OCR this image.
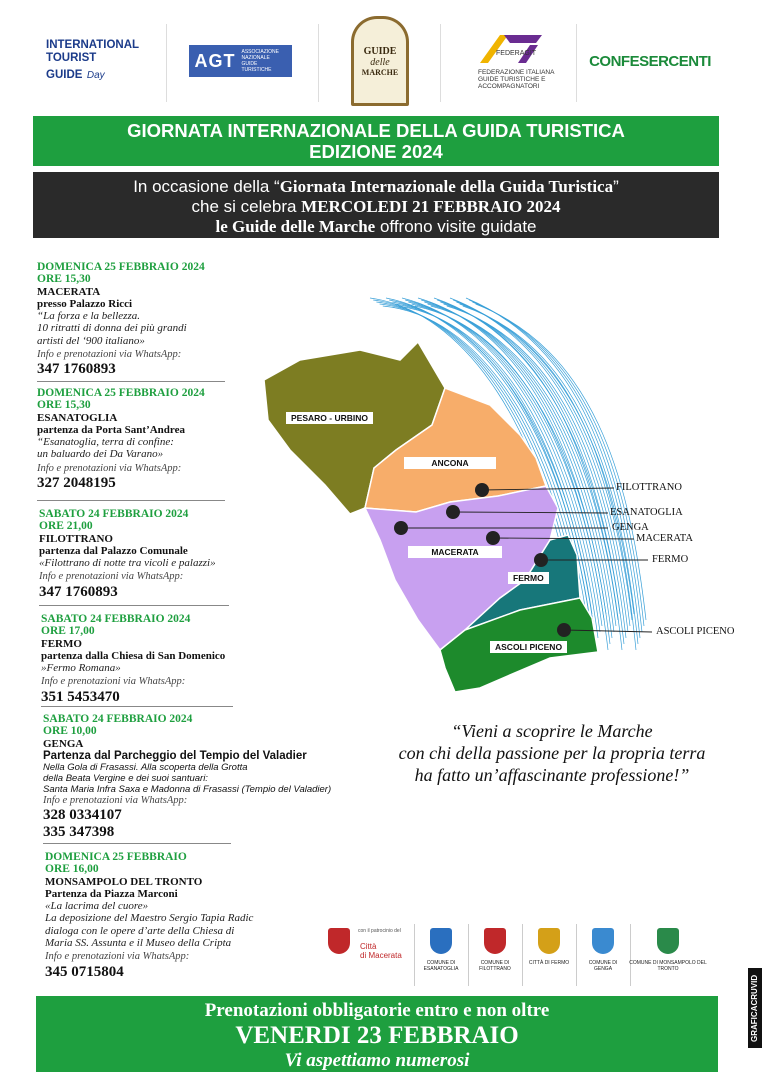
INTERNATIONAL
TOURIST
GUIDE Day
AGT ASSOCIAZIONE NAZIONALE GUIDE TURISTICHE
GUIDE
delle
MARCHE
FEDERAGIT
FEDERAZIONE ITALIANA GUIDE TURISTICHE E ACCOMPAGNATORI
CONFESERCENTI
GIORNATA INTERNAZIONALE DELLA GUIDA TURISTICA
EDIZIONE 2024
In occasione della “Giornata Internazionale della Guida Turistica”
che si celebra MERCOLEDI 21 FEBBRAIO 2024
le Guide delle Marche offrono visite guidate
DOMENICA 25 FEBBRAIO 2024
ORE 15,30
MACERATA
presso Palazzo Ricci
“La forza e la bellezza.
10 ritratti di donna dei più grandi
artisti del ‘900 italiano»
Info e prenotazioni via WhatsApp:
347 1760893
DOMENICA 25 FEBBRAIO 2024
ORE 15,30
ESANATOGLIA
partenza da Porta Sant’Andrea
“Esanatoglia, terra di confine:
un baluardo dei Da Varano»
Info e prenotazioni via WhatsApp:
327 2048195
SABATO 24 FEBBRAIO 2024
ORE 21,00
FILOTTRANO
partenza dal Palazzo Comunale
«Filottrano di notte tra vicoli e palazzi»
Info e prenotazioni via WhatsApp:
347 1760893
SABATO 24 FEBBRAIO 2024
ORE 17,00
FERMO
partenza dalla Chiesa di San Domenico
»Fermo Romana»
Info e prenotazioni via WhatsApp:
351 5453470
SABATO 24 FEBBRAIO 2024
ORE 10,00
GENGA
Partenza dal Parcheggio del Tempio del Valadier
Nella Gola di Frasassi. Alla scoperta della Grotta
della Beata Vergine e dei suoi santuari:
Santa Maria Infra Saxa e Madonna di Frasassi (Tempio del Valadier)
Info e prenotazioni via WhatsApp:
328 0334107
335 347398
DOMENICA 25 FEBBRAIO
ORE 16,00
MONSAMPOLO DEL TRONTO
Partenza da Piazza Marconi
«La lacrima del cuore»
La deposizione del Maestro Sergio Tapia Radic
dialoga con le opere d’arte della Chiesa di
Maria SS. Assunta e il Museo della Cripta
Info e prenotazioni via WhatsApp:
345 0715804
PESARO - URBINO
ANCONA
MACERATA
FERMO
ASCOLI PICENO
FILOTTRANO
ESANATOGLIA
GENGA
MACERATA
FERMO
ASCOLI PICENO
“Vieni a scoprire le Marche
con chi della passione per la propria terra
ha fatto un’affascinante professione!”
con il patrocinio del
Città
di Macerata
COMUNE DI ESANATOGLIA
COMUNE DI FILOTTRANO
CITTÀ DI FERMO	COMUNE DI GENGA
COMUNE DI MONSAMPOLO DEL TRONTO
GRAFICACRUVID
Prenotazioni obbligatorie entro e non oltre
VENERDI 23 FEBBRAIO
Vi aspettiamo numerosi
